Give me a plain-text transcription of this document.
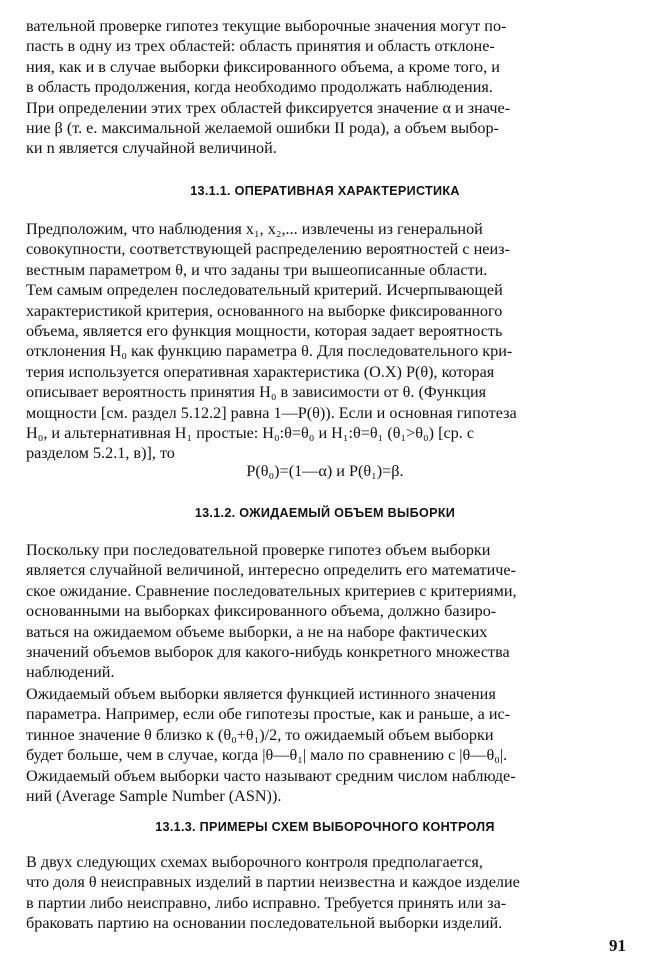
вательной проверке гипотез текущие выборочные значения могут по-
пасть в одну из трех областей: область принятия и область отклоне-
ния, как и в случае выборки фиксированного объема, а кроме того, и
в область продолжения, когда необходимо продолжать наблюдения.
При определении этих трех областей фиксируется значение α и значе-
ние β (т. е. максимальной желаемой ошибки II рода), а объем выбор-
ки n является случайной величиной.

13.1.1. ОПЕРАТИВНАЯ ХАРАКТЕРИСТИКА

Предположим, что наблюдения x₁, x₂,... извлечены из генеральной
совокупности, соответствующей распределению вероятностей с неиз-
вестным параметром θ, и что заданы три вышеописанные области.
Тем самым определен последовательный критерий. Исчерпывающей
характеристикой критерия, основанного на выборке фиксированного
объема, является его функция мощности, которая задает вероятность
отклонения H₀ как функцию параметра θ. Для последовательного кри-
терия используется оперативная характеристика (О.Х) P(θ), которая
описывает вероятность принятия H₀ в зависимости от θ. (Функция
мощности [см. раздел 5.12.2] равна 1—P(θ)). Если и основная гипотеза
H₀, и альтернативная H₁ простые: H₀:θ=θ₀ и H₁:θ=θ₁ (θ₁>θ₀) [ср. с
разделом 5.2.1, в)], то

P(θ₀)=(1—α) и P(θ₁)=β.

13.1.2. ОЖИДАЕМЫЙ ОБЪЕМ ВЫБОРКИ

Поскольку при последовательной проверке гипотез объем выборки
является случайной величиной, интересно определить его математиче-
ское ожидание. Сравнение последовательных критериев с критериями,
основанными на выборках фиксированного объема, должно базиро-
ваться на ожидаемом объеме выборки, а не на наборе фактических
значений объемов выборок для какого-нибудь конкретного множества
наблюдений.

Ожидаемый объем выборки является функцией истинного значения
параметра. Например, если обе гипотезы простые, как и раньше, а ис-
тинное значение θ близко к (θ₀+θ₁)/2, то ожидаемый объем выборки
будет больше, чем в случае, когда |θ—θ₁| мало по сравнению с |θ—θ₀|.
Ожидаемый объем выборки часто называют средним числом наблюде-
ний (Average Sample Number (ASN)).

13.1.3. ПРИМЕРЫ СХЕМ ВЫБОРОЧНОГО КОНТРОЛЯ

В двух следующих схемах выборочного контроля предполагается,
что доля θ неисправных изделий в партии неизвестна и каждое изделие
в партии либо неисправно, либо исправно. Требуется принять или за-
браковать партию на основании последовательной выборки изделий.

91
